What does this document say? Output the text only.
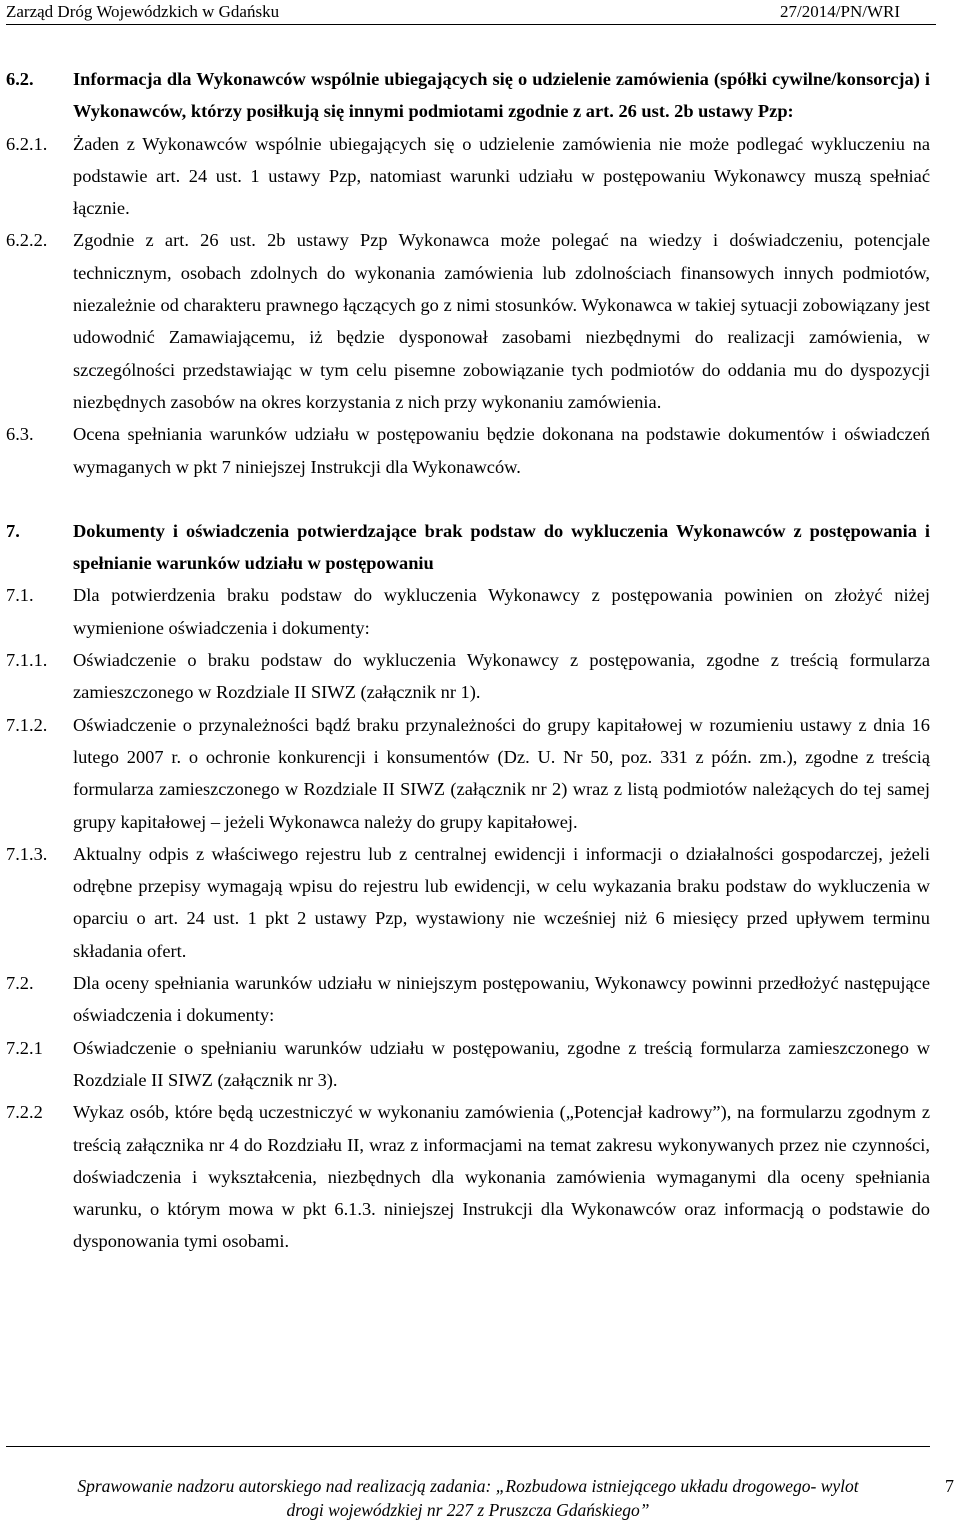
Zarząd Dróg Wojewódzkich w Gdańsku	27/2014/PN/WRI
6.2.	Informacja dla Wykonawców wspólnie ubiegających się o udzielenie zamówienia (spółki cywilne/konsorcja) i Wykonawców, którzy posiłkują się innymi podmiotami zgodnie z art. 26 ust. 2b ustawy Pzp:
6.2.1.	Żaden z Wykonawców wspólnie ubiegających się o udzielenie zamówienia nie może podlegać wykluczeniu na podstawie art. 24 ust. 1 ustawy Pzp, natomiast warunki udziału w postępowaniu Wykonawcy muszą spełniać łącznie.
6.2.2.	Zgodnie z art. 26 ust. 2b ustawy Pzp Wykonawca może polegać na wiedzy i doświadczeniu, potencjale technicznym, osobach zdolnych do wykonania zamówienia lub zdolnościach finansowych innych podmiotów, niezależnie od charakteru prawnego łączących go z nimi stosunków. Wykonawca w takiej sytuacji zobowiązany jest udowodnić Zamawiającemu, iż będzie dysponował zasobami niezbędnymi do realizacji zamówienia, w szczególności przedstawiając w tym celu pisemne zobowiązanie tych podmiotów do oddania mu do dyspozycji niezbędnych zasobów na okres korzystania z nich przy wykonaniu zamówienia.
6.3.	Ocena spełniania warunków udziału w postępowaniu będzie dokonana na podstawie dokumentów i oświadczeń wymaganych w pkt 7 niniejszej Instrukcji dla Wykonawców.
7.	Dokumenty i oświadczenia potwierdzające brak podstaw do wykluczenia Wykonawców z postępowania i spełnianie warunków udziału w postępowaniu
7.1.	Dla potwierdzenia braku podstaw do wykluczenia Wykonawcy z postępowania powinien on złożyć niżej wymienione oświadczenia i dokumenty:
7.1.1.	Oświadczenie o braku podstaw do wykluczenia Wykonawcy z postępowania, zgodne z treścią formularza zamieszczonego w Rozdziale II SIWZ (załącznik nr 1).
7.1.2.	Oświadczenie o przynależności bądź braku przynależności do grupy kapitałowej w rozumieniu ustawy z dnia 16 lutego 2007 r. o ochronie konkurencji i konsumentów (Dz. U. Nr 50, poz. 331 z późn. zm.), zgodne z treścią formularza zamieszczonego w Rozdziale II SIWZ (załącznik nr 2) wraz z listą podmiotów należących do tej samej grupy kapitałowej – jeżeli Wykonawca należy do grupy kapitałowej.
7.1.3.	Aktualny odpis z właściwego rejestru lub z centralnej ewidencji i informacji o działalności gospodarczej, jeżeli odrębne przepisy wymagają wpisu do rejestru lub ewidencji, w celu wykazania braku podstaw do wykluczenia w oparciu o art. 24 ust. 1 pkt 2 ustawy Pzp, wystawiony nie wcześniej niż 6 miesięcy przed upływem terminu składania ofert.
7.2.	Dla oceny spełniania warunków udziału w niniejszym postępowaniu, Wykonawcy powinni przedłożyć następujące oświadczenia i dokumenty:
7.2.1	Oświadczenie o spełnianiu warunków udziału w postępowaniu, zgodne z treścią formularza zamieszczonego w Rozdziale II SIWZ (załącznik nr 3).
7.2.2	Wykaz osób, które będą uczestniczyć w wykonaniu zamówienia („Potencjał kadrowy”), na formularzu zgodnym z treścią załącznika nr 4 do Rozdziału II, wraz z informacjami na temat zakresu wykonywanych przez nie czynności, doświadczenia i wykształcenia, niezbędnych dla wykonania zamówienia wymaganymi dla oceny spełniania warunku, o którym mowa w pkt 6.1.3. niniejszej Instrukcji dla Wykonawców oraz informacją o podstawie do dysponowania tymi osobami.
Sprawowanie nadzoru autorskiego nad realizacją zadania: „Rozbudowa istniejącego układu drogowego- wylot
drogi wojewódzkiej nr 227 z Pruszcza Gdańskiego”
7
